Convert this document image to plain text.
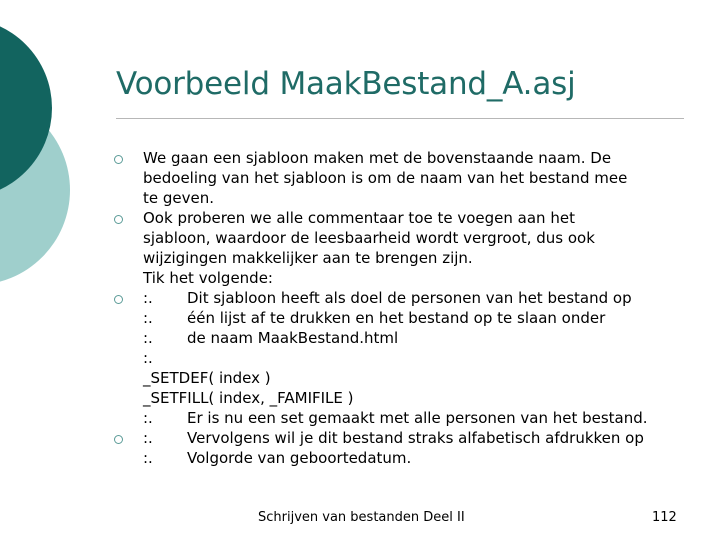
Voorbeeld MaakBestand_A.asj
We gaan een sjabloon maken met de bovenstaande naam. De
bedoeling van het sjabloon is om de naam van het bestand mee
te geven.
Ook proberen we alle commentaar toe te voegen aan het
sjabloon, waardoor de leesbaarheid wordt vergroot, dus ook
wijzigingen makkelijker aan te brengen zijn.
Tik het volgende:
:. Dit sjabloon heeft als doel de personen van het bestand op
:. één lijst af te drukken en het bestand op te slaan onder
:. de naam MaakBestand.html
:.
_SETDEF( index )
_SETFILL( index, _FAMIFILE )
:. Er is nu een set gemaakt met alle personen van het bestand.
:. Vervolgens wil je dit bestand straks alfabetisch afdrukken op
:. Volgorde van geboortedatum.
Schrijven van bestanden Deel II	112
